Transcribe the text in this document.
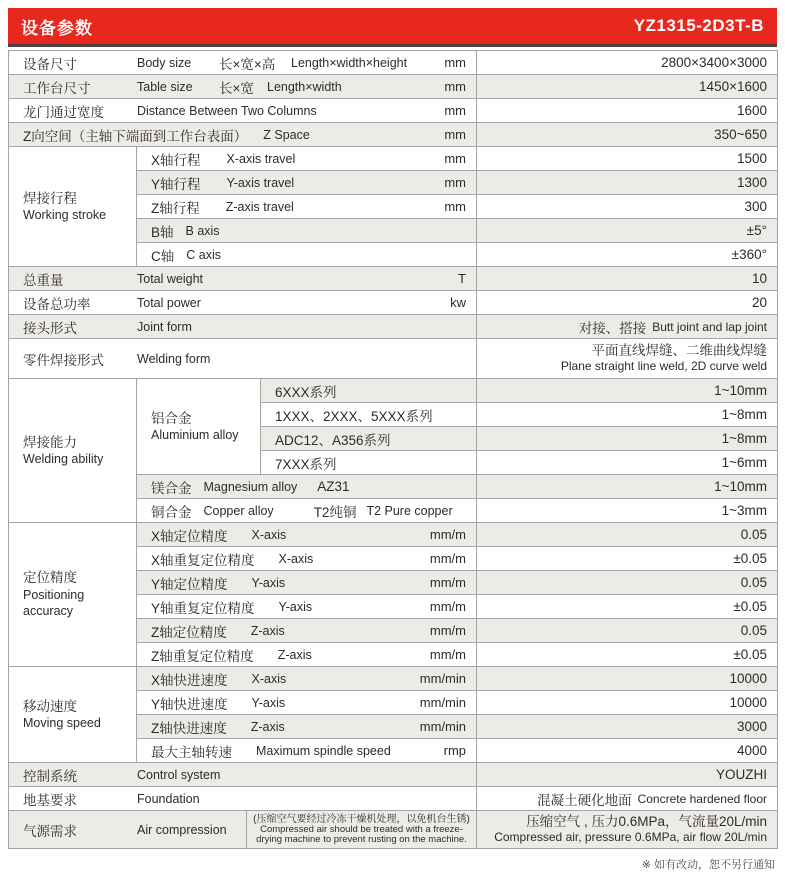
设备参数	YZ1315-2D3T-B
设备尺寸 Body size 长×宽×高 Length×width×height mm				2800×3400×3000

工作台尺寸 Table size 长×宽 Length×width mm				1450×1600

龙门通过宽度 Distance Between Two Columns mm				1600

Z向空间（主轴下端面到工作台表面） Z Space mm				350~650

焊接行程
Working stroke	X轴行程 X-axis travel mm			1500

	Y轴行程 Y-axis travel mm			1300

	Z轴行程 Z-axis travel mm			300

	B轴 B axis			±5°

	C轴 C axis			±360°

总重量 Total weight T				10

设备总功率 Total power kw				20

接头形式 Joint form				对接、搭接 Butt joint and lap joint

零件焊接形式 Welding form				平面直线焊缝、二维曲线焊缝
Plane straight line weld, 2D curve weld

焊接能力
Welding ability	铝合金
Aluminium alloy		6XXX系列	1~10mm

			1XXX、2XXX、5XXX系列	1~8mm

			ADC12、A356系列	1~8mm

			7XXX系列	1~6mm

	镁合金 Magnesium alloy AZ31			1~10mm

	铜合金 Copper alloy T2纯铜 T2 Pure copper			1~3mm

定位精度
Positioning accuracy	X轴定位精度 X-axis mm/m			0.05

	X轴重复定位精度 X-axis mm/m			±0.05

	Y轴定位精度 Y-axis mm/m			0.05

	Y轴重复定位精度 Y-axis mm/m			±0.05

	Z轴定位精度 Z-axis mm/m			0.05

	Z轴重复定位精度 Z-axis mm/m			±0.05

移动速度
Moving speed	X轴快进速度 X-axis mm/min			10000

	Y轴快进速度 Y-axis mm/min			10000

	Z轴快进速度 Z-axis mm/min			3000

	最大主轴转速 Maximum spindle speed rmp			4000

控制系统 Control system				YOUZHI

地基要求 Foundation				混凝土硬化地面 Concrete hardened floor

气源需求 Air compression		(压缩空气要经过冷冻干燥机处理，以免机台生锈)
Compressed air should be treated with a freeze-drying machine to prevent rusting on the machine.		压缩空气 , 压力0.6MPa，气流量20L/min
Compressed air, pressure 0.6MPa, air flow 20L/min
※ 如有改动，恕不另行通知
